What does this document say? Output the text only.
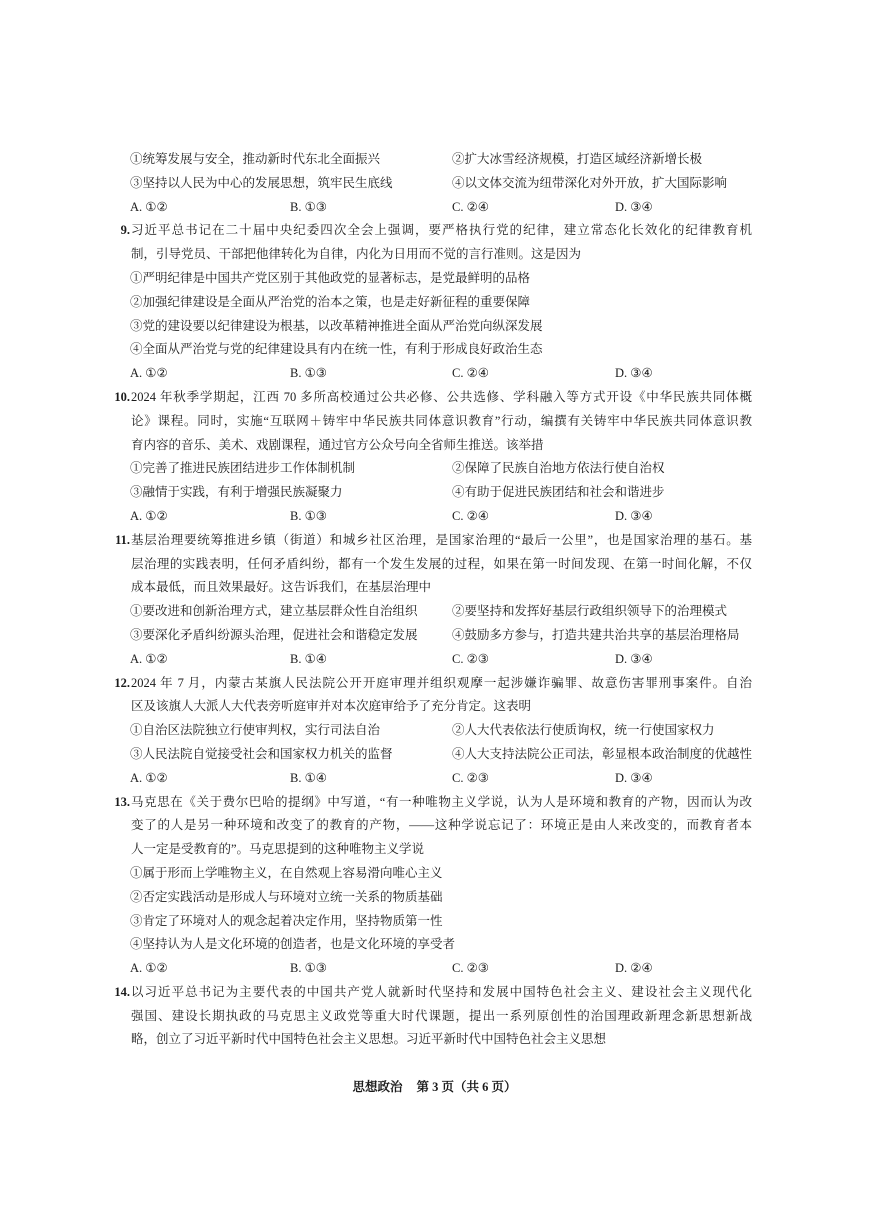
①统筹发展与安全，推动新时代东北全面振兴	②扩大冰雪经济规模，打造区域经济新增长极
③坚持以人民为中心的发展思想，筑牢民生底线	④以文体交流为纽带深化对外开放，扩大国际影响
A. ①②	B. ①③	C. ②④	D. ③④
9. 习近平总书记在二十届中央纪委四次全会上强调，要严格执行党的纪律，建立常态化长效化的纪律教育机
制，引导党员、干部把他律转化为自律，内化为日用而不觉的言行准则。这是因为
①严明纪律是中国共产党区别于其他政党的显著标志，是党最鲜明的品格
②加强纪律建设是全面从严治党的治本之策，也是走好新征程的重要保障
③党的建设要以纪律建设为根基，以改革精神推进全面从严治党向纵深发展
④全面从严治党与党的纪律建设具有内在统一性，有利于形成良好政治生态
A. ①②	B. ①③	C. ②④	D. ③④
10. 2024 年秋季学期起，江西 70 多所高校通过公共必修、公共选修、学科融入等方式开设《中华民族共同体概
论》课程。同时，实施“互联网＋铸牢中华民族共同体意识教育”行动，编撰有关铸牢中华民族共同体意识教
育内容的音乐、美术、戏剧课程，通过官方公众号向全省师生推送。该举措
①完善了推进民族团结进步工作体制机制	②保障了民族自治地方依法行使自治权
③融情于实践，有利于增强民族凝聚力	④有助于促进民族团结和社会和谐进步
A. ①②	B. ①③	C. ②④	D. ③④
11. 基层治理要统筹推进乡镇（街道）和城乡社区治理，是国家治理的“最后一公里”，也是国家治理的基石。基
层治理的实践表明，任何矛盾纠纷，都有一个发生发展的过程，如果在第一时间发现、在第一时间化解，不仅
成本最低，而且效果最好。这告诉我们，在基层治理中
①要改进和创新治理方式，建立基层群众性自治组织	②要坚持和发挥好基层行政组织领导下的治理模式
③要深化矛盾纠纷源头治理，促进社会和谐稳定发展	④鼓励多方参与，打造共建共治共享的基层治理格局
A. ①②	B. ①④	C. ②③	D. ③④
12. 2024 年 7 月，内蒙古某旗人民法院公开开庭审理并组织观摩一起涉嫌诈骗罪、故意伤害罪刑事案件。自治
区及该旗人大派人大代表旁听庭审并对本次庭审给予了充分肯定。这表明
①自治区法院独立行使审判权，实行司法自治	②人大代表依法行使质询权，统一行使国家权力
③人民法院自觉接受社会和国家权力机关的监督	④人大支持法院公正司法，彰显根本政治制度的优越性
A. ①②	B. ①④	C. ②③	D. ③④
13. 马克思在《关于费尔巴哈的提纲》中写道，“有一种唯物主义学说，认为人是环境和教育的产物，因而认为改
变了的人是另一种环境和改变了的教育的产物，——这种学说忘记了：环境正是由人来改变的，而教育者本
人一定是受教育的”。马克思提到的这种唯物主义学说
①属于形而上学唯物主义，在自然观上容易滑向唯心主义
②否定实践活动是形成人与环境对立统一关系的物质基础
③肯定了环境对人的观念起着决定作用，坚持物质第一性
④坚持认为人是文化环境的创造者，也是文化环境的享受者
A. ①②	B. ①③	C. ②③	D. ②④
14. 以习近平总书记为主要代表的中国共产党人就新时代坚持和发展中国特色社会主义、建设社会主义现代化
强国、建设长期执政的马克思主义政党等重大时代课题，提出一系列原创性的治国理政新理念新思想新战
略，创立了习近平新时代中国特色社会主义思想。习近平新时代中国特色社会主义思想
思想政治 第 3 页（共 6 页）
